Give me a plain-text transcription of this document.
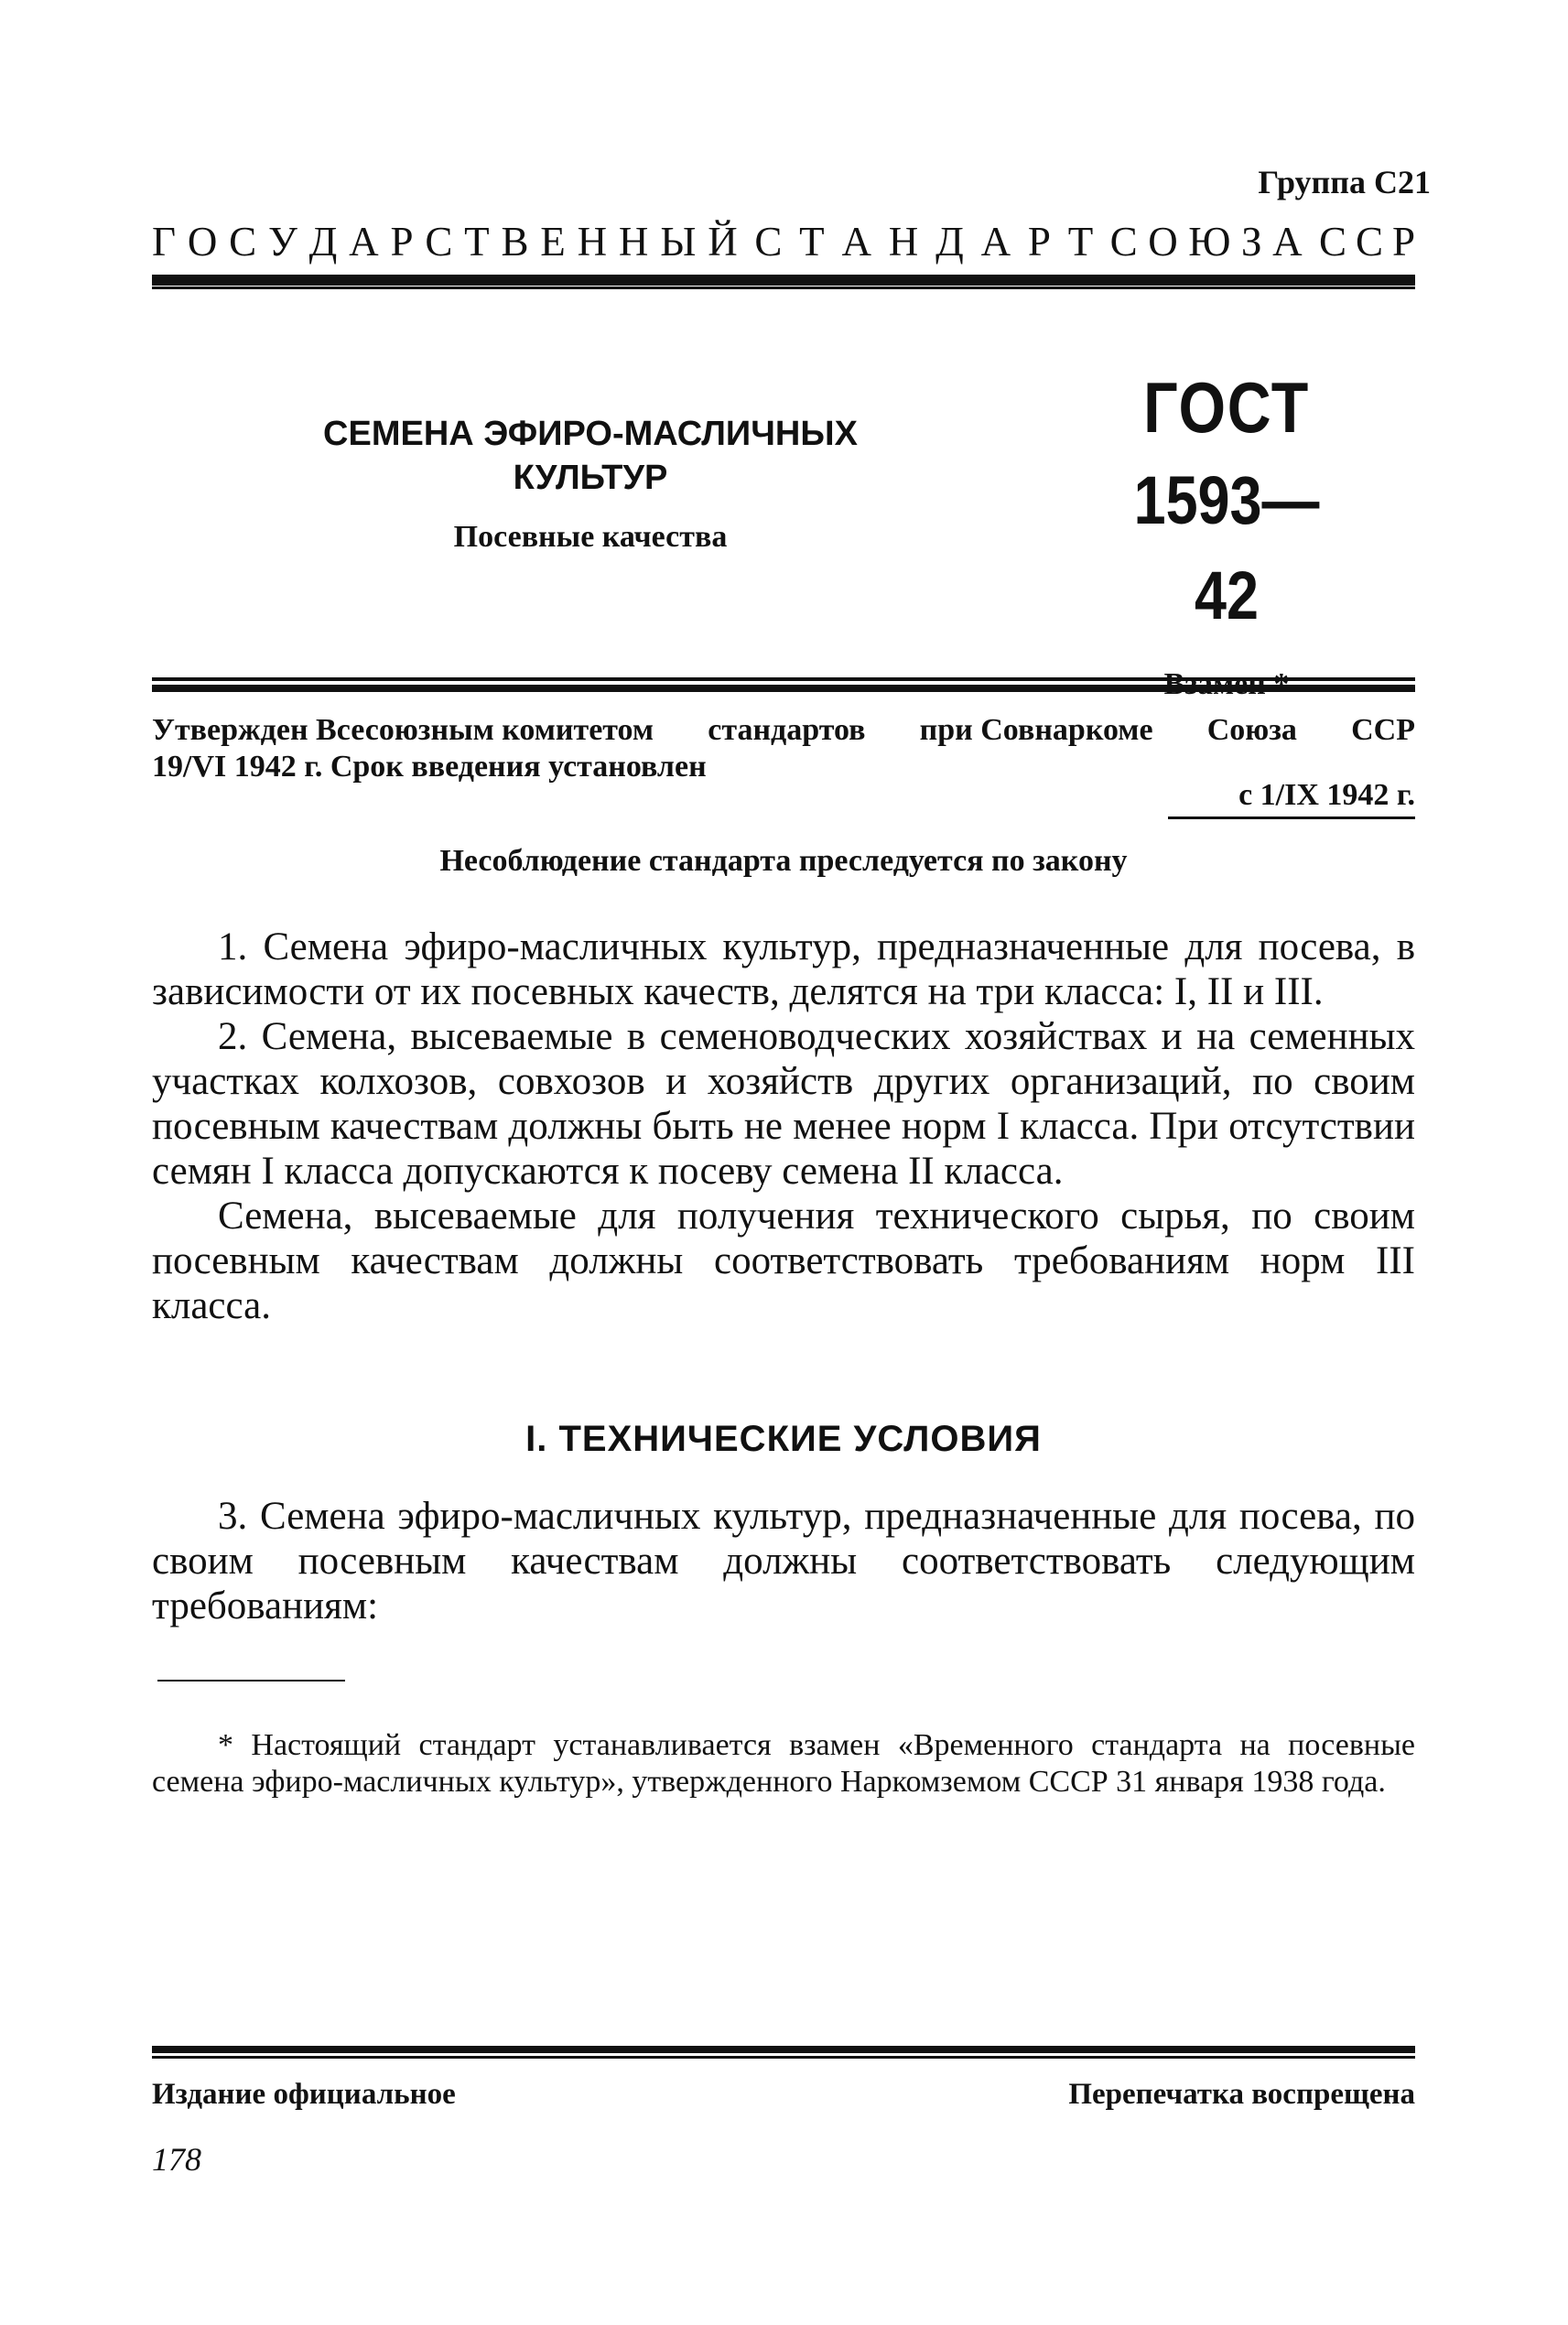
Группа С21
Г О С У Д А Р С Т В Е Н Н Ы Й С Т А Н Д А Р Т С О Ю З А С С Р
СЕМЕНА ЭФИРО-МАСЛИЧНЫХ
КУЛЬТУР
Посевные качества
ГОСТ
1593—42
Утвержден Всесоюзным комитетом стандартов при Совнаркоме Союза ССР
19/VI 1942 г. Срок введения установлен
с 1/IX 1942 г.
Несоблюдение стандарта преследуется по закону

1. Семена эфиро-масличных культур, предназначенные для посева, в зависимости от их посевных качеств, делятся на три класса: I, II и III.

2. Семена, высеваемые в семеноводческих хозяйствах и на семенных участках колхозов, совхозов и хозяйств других организаций, по своим посевным качествам должны быть не менее норм I класса. При отсутствии семян I класса допускаются к посеву семена II класса.

Семена, высеваемые для получения технического сырья, по своим посевным качествам должны соответствовать требованиям норм III класса.

I. ТЕХНИЧЕСКИЕ УСЛОВИЯ

3. Семена эфиро-масличных культур, предназначенные для посева, по своим посевным качествам должны соответствовать следующим требованиям:

* Настоящий стандарт устанавливается взамен «Временного стандарта на посевные семена эфиро-масличных культур», утвержденного Наркомземом СССР 31 января 1938 года.
Издание официальное	Перепечатка воспрещена
178
